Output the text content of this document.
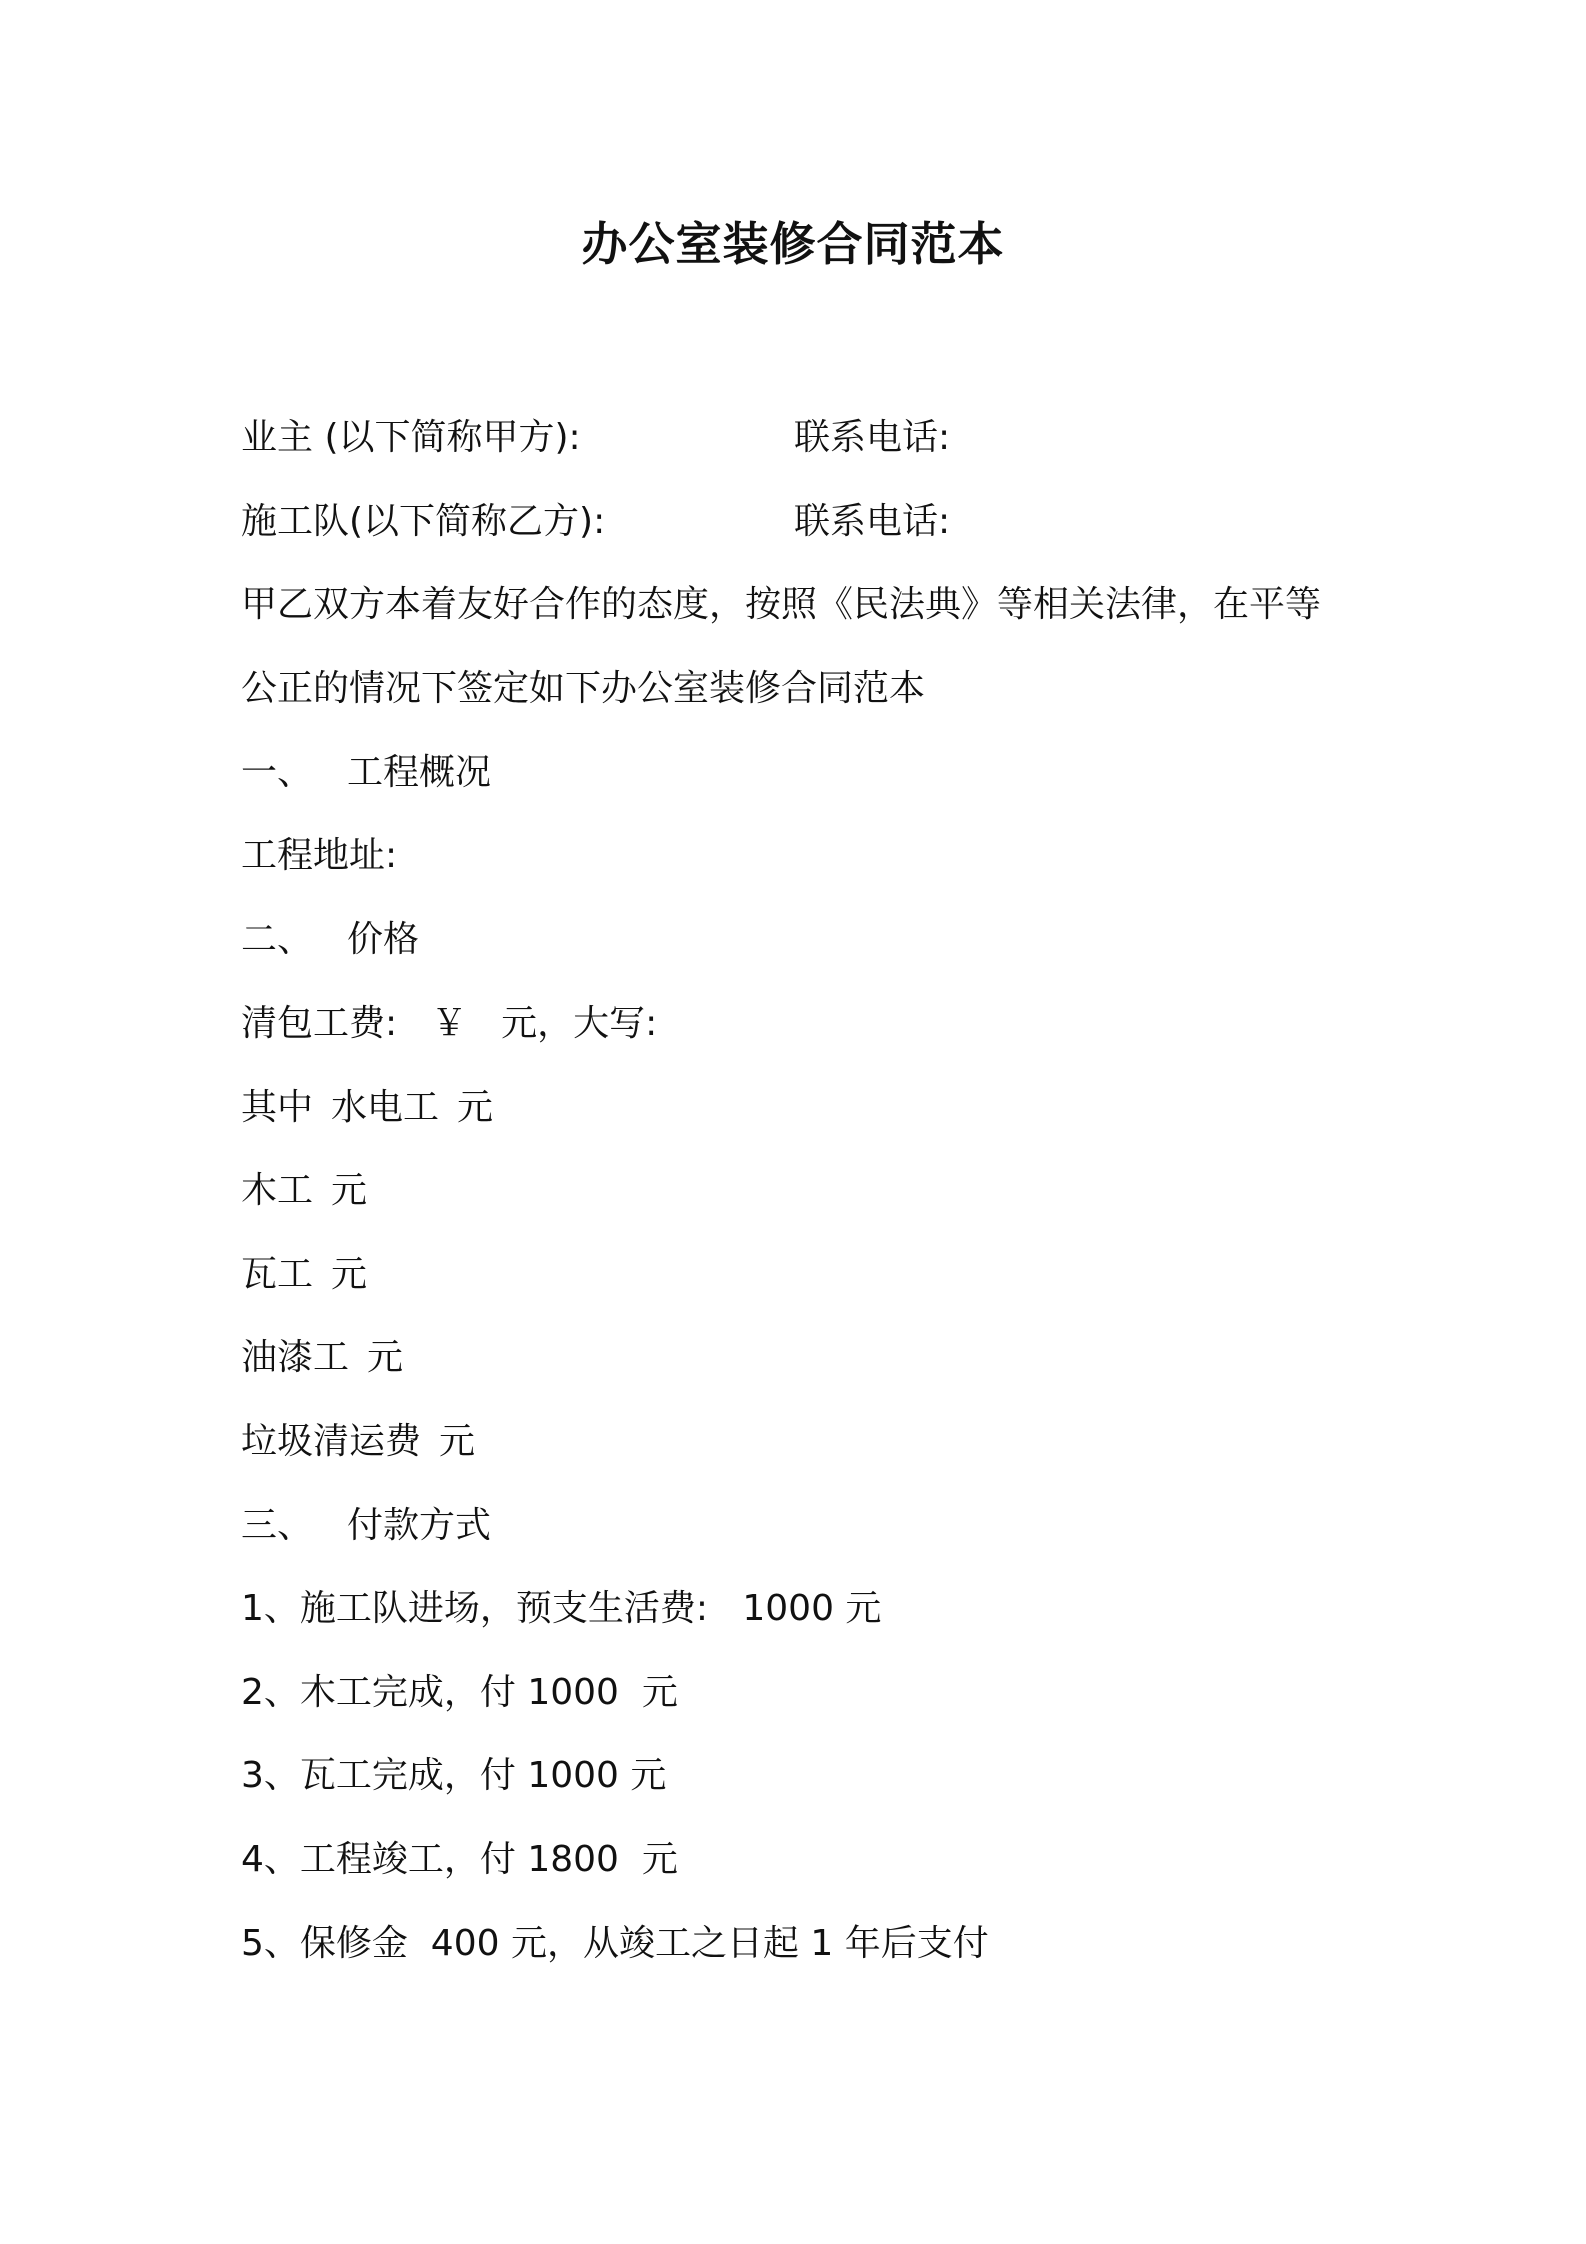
办公室装修合同范本
业主 (以下简称甲方):	联系电话:
施工队(以下简称乙方):	联系电话:
甲乙双方本着友好合作的态度，按照《民法典》等相关法律，在平等
公正的情况下签定如下办公室装修合同范本
一、 工程概况
工程地址:
二、 价格
清包工费: ￥ 元，大写:
其中 水电工 元
木工 元
瓦工 元
油漆工 元
垃圾清运费 元
三、 付款方式
1、施工队进场，预支生活费:   1000 元
2、木工完成，付 1000  元
3、瓦工完成，付 1000 元
4、工程竣工，付 1800  元
5、保修金  400 元，从竣工之日起 1 年后支付
